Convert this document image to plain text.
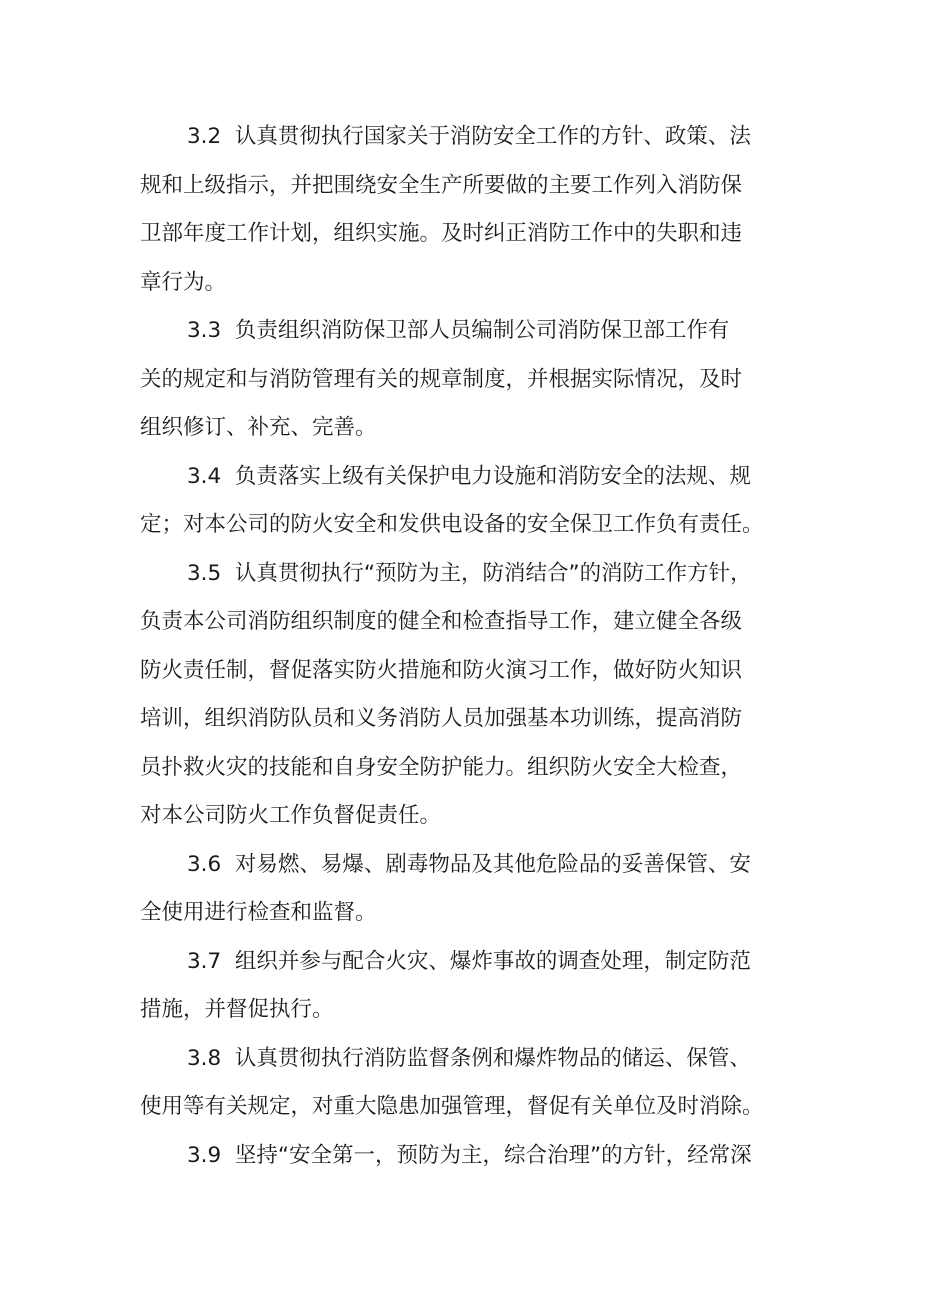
3.2 认真贯彻执行国家关于消防安全工作的方针、政策、法
规和上级指示，并把围绕安全生产所要做的主要工作列入消防保
卫部年度工作计划，组织实施。及时纠正消防工作中的失职和违
章行为。
3.3 负责组织消防保卫部人员编制公司消防保卫部工作有
关的规定和与消防管理有关的规章制度，并根据实际情况，及时
组织修订、补充、完善。
3.4 负责落实上级有关保护电力设施和消防安全的法规、规
定；对本公司的防火安全和发供电设备的安全保卫工作负有责任。
3.5 认真贯彻执行“预防为主，防消结合”的消防工作方针，
负责本公司消防组织制度的健全和检查指导工作，建立健全各级
防火责任制，督促落实防火措施和防火演习工作，做好防火知识
培训，组织消防队员和义务消防人员加强基本功训练，提高消防
员扑救火灾的技能和自身安全防护能力。组织防火安全大检查，
对本公司防火工作负督促责任。
3.6 对易燃、易爆、剧毒物品及其他危险品的妥善保管、安
全使用进行检查和监督。
3.7 组织并参与配合火灾、爆炸事故的调查处理，制定防范
措施，并督促执行。
3.8 认真贯彻执行消防监督条例和爆炸物品的储运、保管、
使用等有关规定，对重大隐患加强管理，督促有关单位及时消除。
3.9 坚持“安全第一，预防为主，综合治理”的方针，经常深
